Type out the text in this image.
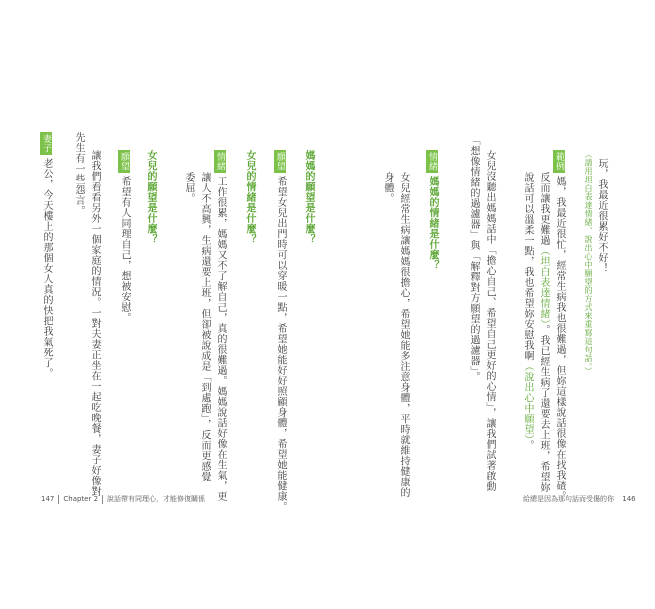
玩，我最近很累好不好！

（請用坦白表達情緒、說出心中願望的方式來重寫這句話。）

範例媽，我最近很忙，經常生病我也很難過，但妳這樣說話很像在找我碴。

反而讓我更難過（坦白表達情緒）。我已經生病了還要去上班，希望妳

說話可以溫柔一點，我也希望妳安慰我啊（說出心中願望）。

女兒沒聽出媽媽話中「擔心自己、希望自己更好的心情」，讓我們試著啟動

「想像情緒的過濾器」與「解釋對方願望的過濾器」。

情緒媽媽的情緒是什麼？

女兒經常生病讓媽媽很擔心，希望她能多注意身體，平時就維持健康的

身體。

媽媽的願望是什麼？

願望希望女兒出門時可以穿暖一點，希望她能好好照顧身體，希望她能健康。

女兒的情緒是什麼？

情緒工作很累，媽媽又不了解自己，真的很難過。媽媽說話好像在生氣，更

讓人不高興，生病還要上班，但卻被說成是「到處跑」，反而更感覺

委屈。

女兒的願望是什麼？

願望希望有人同理自己，想被安慰。

讓我們看看另外一個家庭的情況。一對夫妻正坐在一起吃晚餐，妻子好像對

先生有一些怨言。

妻子老公，今天樓上的那個女人真的快把我氣死了。

147 Chapter 2 說話帶有同理心，才能修復關係	給總是因為那句話而受傷的你 146
